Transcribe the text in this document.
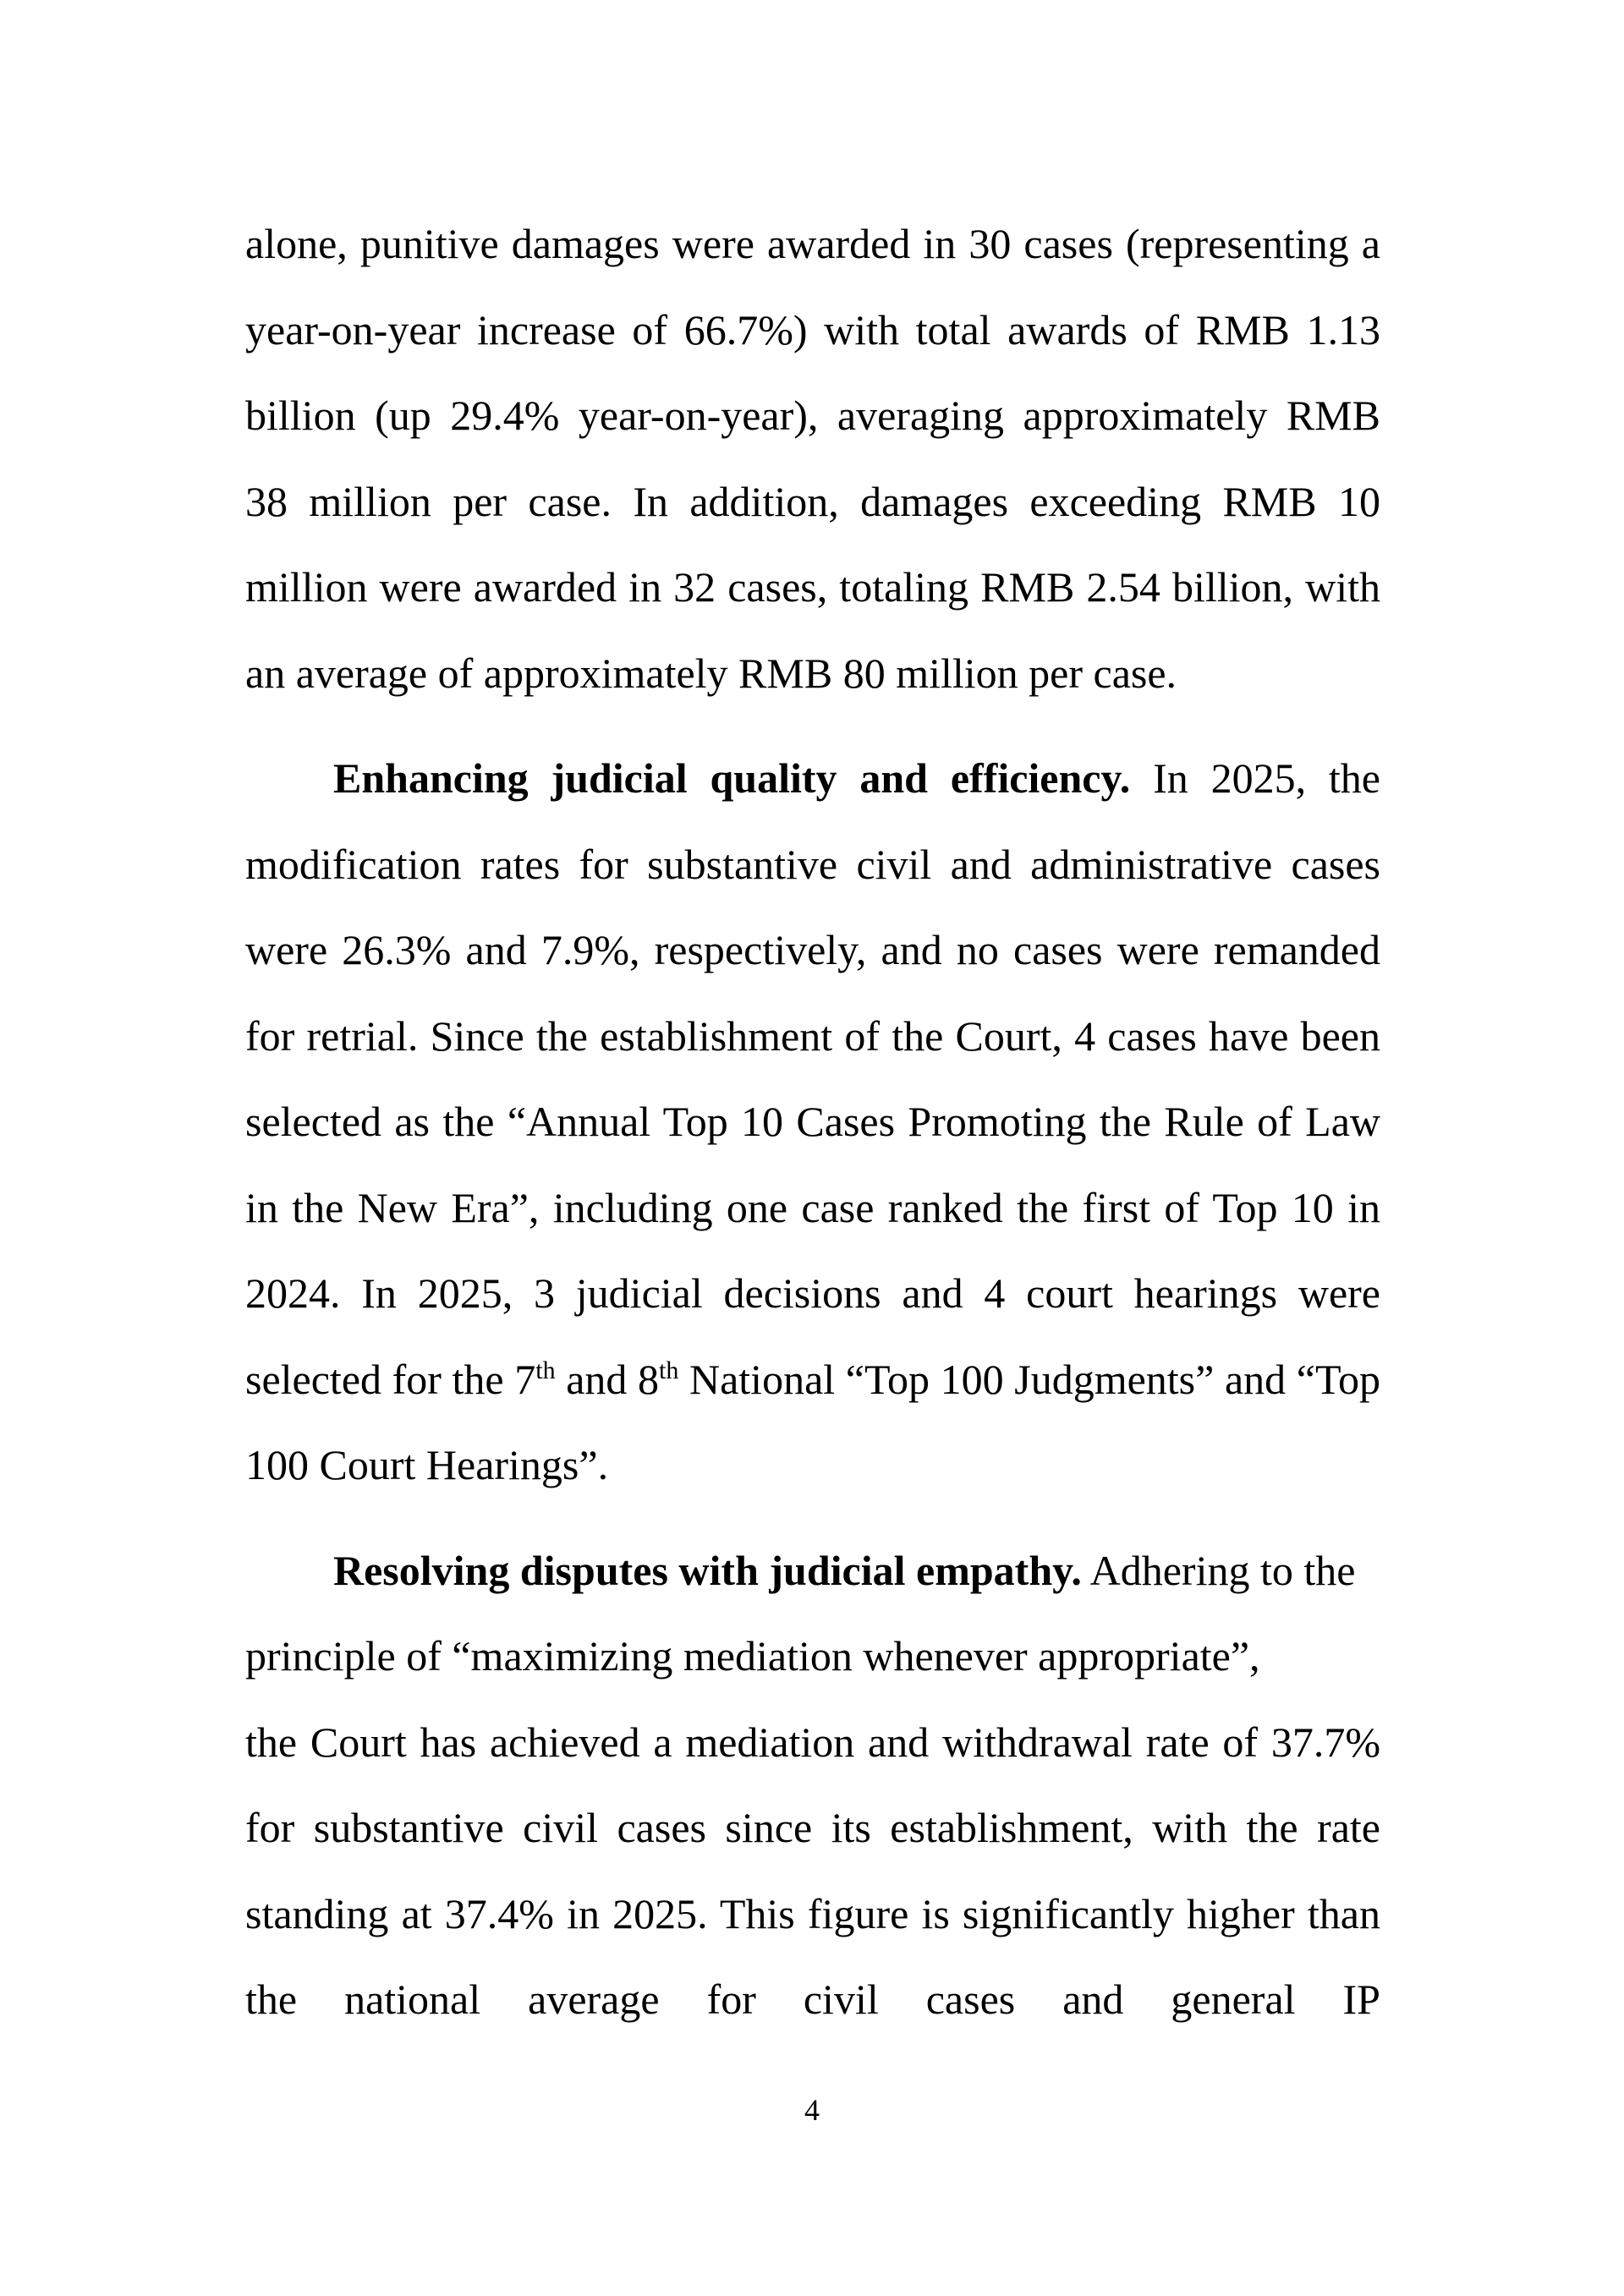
alone, punitive damages were awarded in 30 cases (representing a year-on-year increase of 66.7%) with total awards of RMB 1.13 billion (up 29.4% year-on-year), averaging approximately RMB 38 million per case. In addition, damages exceeding RMB 10 million were awarded in 32 cases, totaling RMB 2.54 billion, with an average of approximately RMB 80 million per case.

Enhancing judicial quality and efficiency. In 2025, the modification rates for substantive civil and administrative cases were 26.3% and 7.9%, respectively, and no cases were remanded for retrial. Since the establishment of the Court, 4 cases have been selected as the “Annual Top 10 Cases Promoting the Rule of Law in the New Era”, including one case ranked the first of Top 10 in 2024. In 2025, 3 judicial decisions and 4 court hearings were selected for the 7th and 8th National “Top 100 Judgments” and “Top 100 Court Hearings”.

Resolving disputes with judicial empathy. Adhering to the principle of “maximizing mediation whenever appropriate”,
the Court has achieved a mediation and withdrawal rate of 37.7% for substantive civil cases since its establishment, with the rate standing at 37.4% in 2025. This figure is significantly higher than the national average for civil cases and general IP

4
